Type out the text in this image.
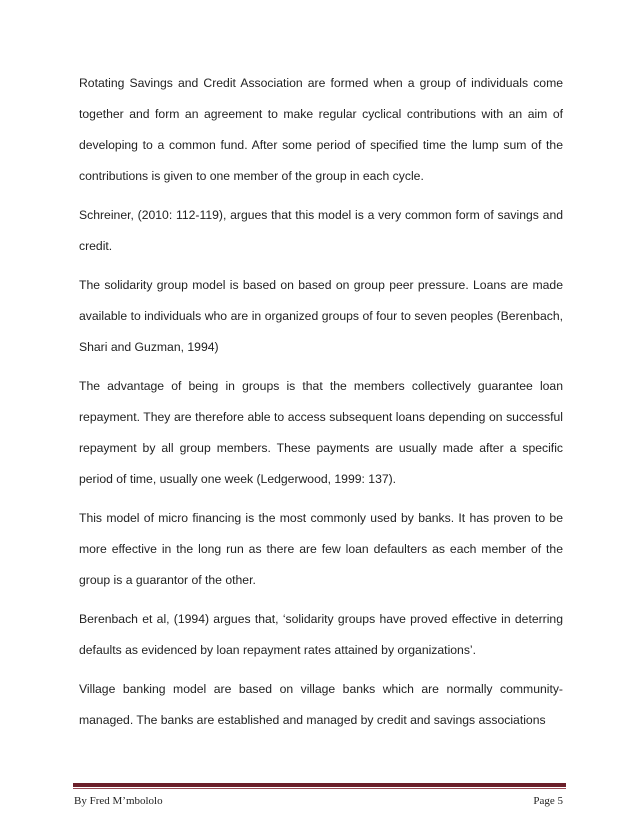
Rotating Savings and Credit Association are formed when a group of individuals come together and form an agreement to make regular cyclical contributions with an aim of developing to a common fund. After some period of specified time the lump sum of the contributions is given to one member of the group in each cycle.

Schreiner, (2010: 112-119), argues that this model is a very common form of savings and credit.

The solidarity group model is based on based on group peer pressure. Loans are made available to individuals who are in organized groups of four to seven peoples (Berenbach, Shari and Guzman, 1994)

The advantage of being in groups is that the members collectively guarantee loan repayment. They are therefore able to access subsequent loans depending on successful repayment by all group members. These payments are usually made after a specific period of time, usually one week (Ledgerwood, 1999: 137).

This model of micro financing is the most commonly used by banks. It has proven to be more effective in the long run as there are few loan defaulters as each member of the group is a guarantor of the other.

Berenbach et al, (1994) argues that, ‘solidarity groups have proved effective in deterring defaults as evidenced by loan repayment rates attained by organizations’.

Village banking model are based on village banks which are normally community-managed. The banks are established and managed by credit and savings associations

By Fred M’mbololo	Page 5
